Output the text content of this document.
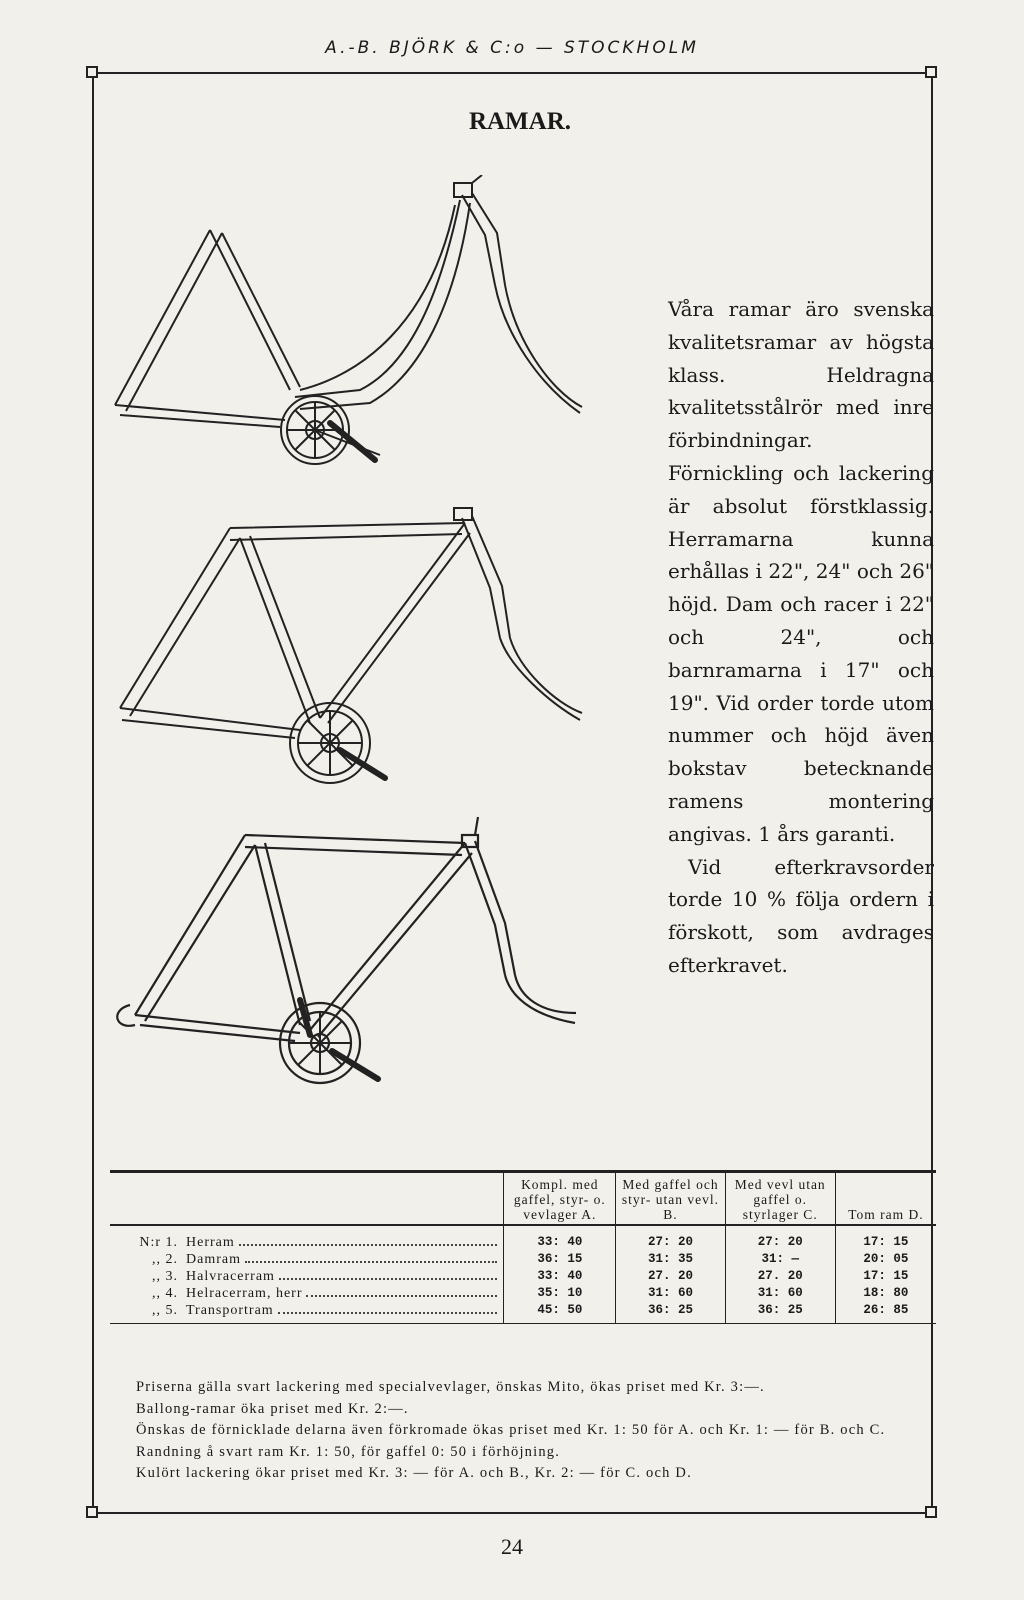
A.-B. BJÖRK & C:o — STOCKHOLM
RAMAR.

Våra ramar äro svenska kvalitetsramar av högsta klass. Heldragna kvalitetsstålrör med inre förbindningar. Förnickling och lackering är absolut förstklassig. Herramarna kunna erhållas i 22", 24" och 26" höjd. Dam och racer i 22" och 24", och barnramarna i 17" och 19". Vid order torde utom nummer och höjd även bokstav betecknande ramens montering angivas. 1 års garanti.

Vid efterkravsorder torde 10 % följa ordern i förskott, som avdrages efterkravet.

	Kompl. med gaffel, styr- o. vevlager A.	Med gaffel och styr- utan vevl. B.	Med vevl utan gaffel o. styrlager C.	Tom ram D.

N:r 1. Herram	33: 40	27: 20	27: 20	17: 15

,, 2. Damram	36: 15	31: 35	31: —	20: 05

,, 3. Halvracerram	33: 40	27. 20	27. 20	17: 15

,, 4. Helracerram, herr	35: 10	31: 60	31: 60	18: 80

,, 5. Transportram	45: 50	36: 25	36: 25	26: 85

Priserna gälla svart lackering med specialvevlager, önskas Mito, ökas priset med Kr. 3:—.

Ballong-ramar öka priset med Kr. 2:—.

Önskas de förnicklade delarna även förkromade ökas priset med Kr. 1: 50 för A. och Kr. 1: — för B. och C.

Randning å svart ram Kr. 1: 50, för gaffel 0: 50 i förhöjning.

Kulört lackering ökar priset med Kr. 3: — för A. och B., Kr. 2: — för C. och D.

24
